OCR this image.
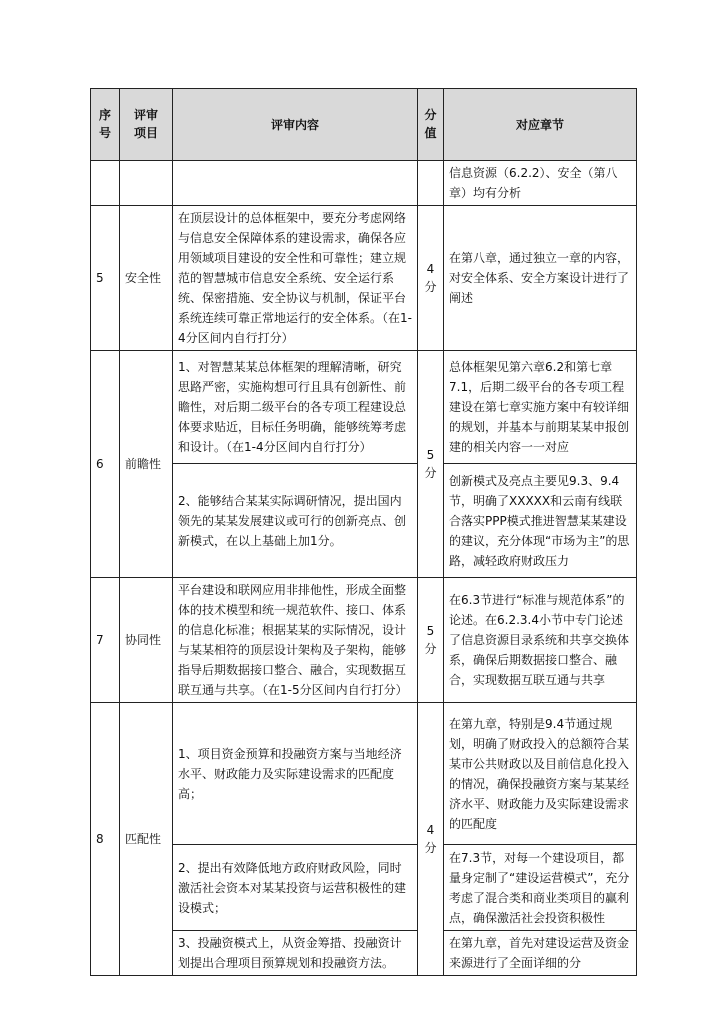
序号	评审项目	评审内容	分值	对应章节
				信息资源（6.2.2）、安全（第八章）均有分析
5	安全性	在顶层设计的总体框架中，要充分考虑网络与信息安全保障体系的建设需求，确保各应用领域项目建设的安全性和可靠性；建立规范的智慧城市信息安全系统、安全运行系统、保密措施、安全协议与机制，保证平台系统连续可靠正常地运行的安全体系。（在1-4分区间内自行打分）	4分	在第八章，通过独立一章的内容，对安全体系、安全方案设计进行了阐述
6	前瞻性	1、对智慧某某总体框架的理解清晰，研究思路严密，实施构想可行且具有创新性、前瞻性，对后期二级平台的各专项工程建设总体要求贴近，目标任务明确，能够统筹考虑和设计。（在1-4分区间内自行打分）	5分	总体框架见第六章6.2和第七章7.1，后期二级平台的各专项工程建设在第七章实施方案中有较详细的规划，并基本与前期某某申报创建的相关内容一一对应
		2、能够结合某某实际调研情况，提出国内领先的某某发展建议或可行的创新亮点、创新模式，在以上基础上加1分。		创新模式及亮点主要见9.3、9.4节，明确了XXXXX和云南有线联合落实PPP模式推进智慧某某建设的建议，充分体现“市场为主”的思路，减轻政府财政压力
7	协同性	平台建设和联网应用非排他性，形成全面整体的技术模型和统一规范软件、接口、体系的信息化标准；根据某某的实际情况，设计与某某相符的顶层设计架构及子架构，能够指导后期数据接口整合、融合，实现数据互联互通与共享。（在1-5分区间内自行打分）	5分	在6.3节进行“标准与规范体系”的论述。在6.2.3.4小节中专门论述了信息资源目录系统和共享交换体系，确保后期数据接口整合、融合，实现数据互联互通与共享
8	匹配性	1、项目资金预算和投融资方案与当地经济水平、财政能力及实际建设需求的匹配度高；	4分	在第九章，特别是9.4节通过规划，明确了财政投入的总额符合某某市公共财政以及目前信息化投入的情况，确保投融资方案与某某经济水平、财政能力及实际建设需求的匹配度
		2、提出有效降低地方政府财政风险，同时激活社会资本对某某投资与运营积极性的建设模式；		在7.3节，对每一个建设项目，都量身定制了“建设运营模式”，充分考虑了混合类和商业类项目的赢利点，确保激活社会投资积极性
		3、投融资模式上，从资金筹措、投融资计划提出合理项目预算规划和投融资方法。		在第九章，首先对建设运营及资金来源进行了全面详细的分
